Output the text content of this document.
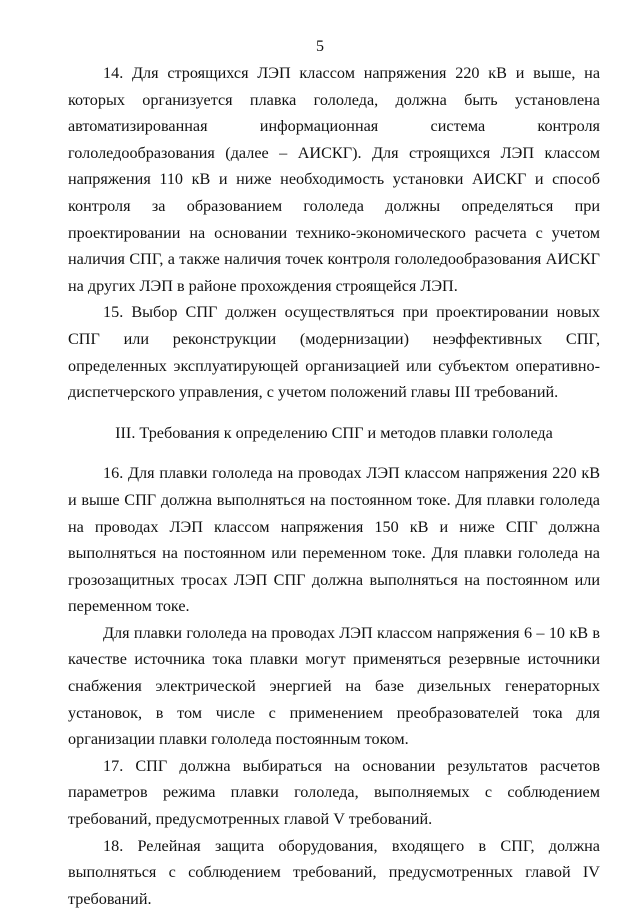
5

14. Для строящихся ЛЭП классом напряжения 220 кВ и выше, на которых организуется плавка гололеда, должна быть установлена автоматизированная информационная система контроля гололедообразования (далее – АИСКГ). Для строящихся ЛЭП классом напряжения 110 кВ и ниже необходимость установки АИСКГ и способ контроля за образованием гололеда должны определяться при проектировании на основании технико-экономического расчета с учетом наличия СПГ, а также наличия точек контроля гололедообразования АИСКГ на других ЛЭП в районе прохождения строящейся ЛЭП.

15. Выбор СПГ должен осуществляться при проектировании новых СПГ или реконструкции (модернизации) неэффективных СПГ, определенных эксплуатирующей организацией или субъектом оперативно-диспетчерского управления, с учетом положений главы III требований.

III. Требования к определению СПГ и методов плавки гололеда

16. Для плавки гололеда на проводах ЛЭП классом напряжения 220 кВ и выше СПГ должна выполняться на постоянном токе. Для плавки гололеда на проводах ЛЭП классом напряжения 150 кВ и ниже СПГ должна выполняться на постоянном или переменном токе. Для плавки гололеда на грозозащитных тросах ЛЭП СПГ должна выполняться на постоянном или переменном токе.

Для плавки гололеда на проводах ЛЭП классом напряжения 6 – 10 кВ в качестве источника тока плавки могут применяться резервные источники снабжения электрической энергией на базе дизельных генераторных установок, в том числе с применением преобразователей тока для организации плавки гололеда постоянным током.

17. СПГ должна выбираться на основании результатов расчетов параметров режима плавки гололеда, выполняемых с соблюдением требований, предусмотренных главой V требований.

18. Релейная защита оборудования, входящего в СПГ, должна выполняться с соблюдением требований, предусмотренных главой IV требований.
